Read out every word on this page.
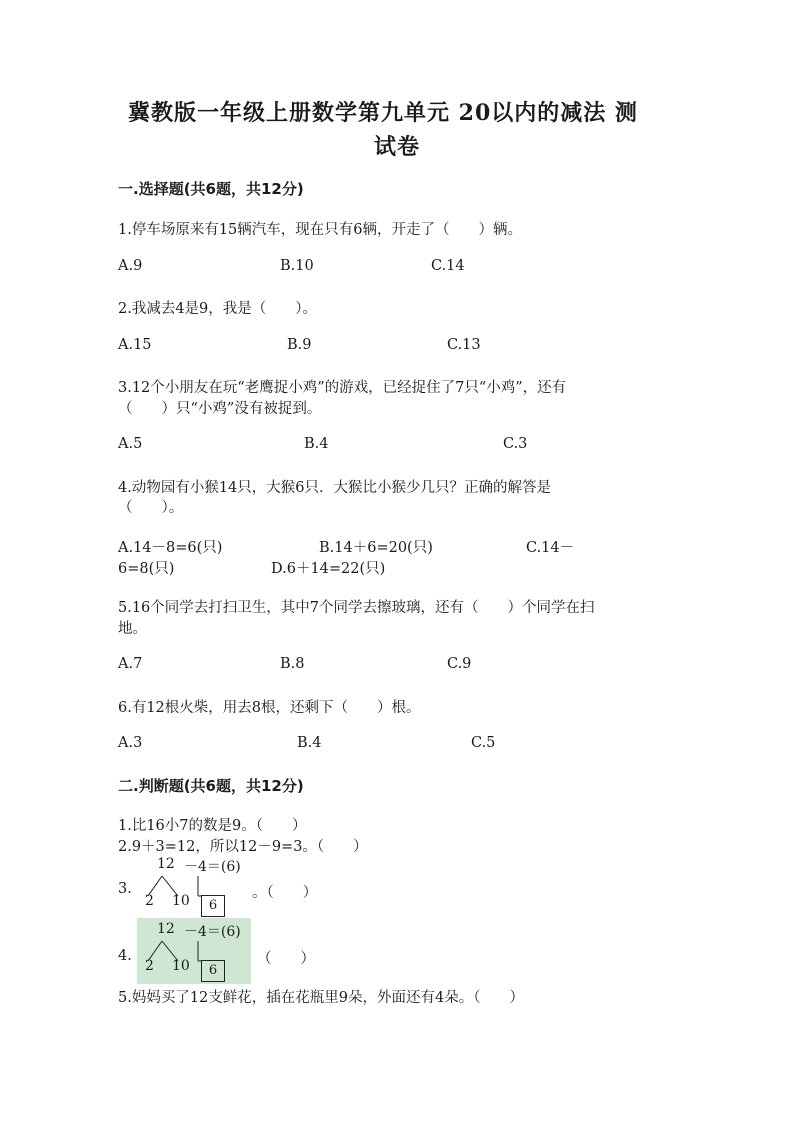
冀教版一年级上册数学第九单元 20以内的减法 测
试卷
一.选择题(共6题，共12分)
1.停车场原来有15辆汽车，现在只有6辆，开走了（　　）辆。
A.9	B.10	C.14
2.我减去4是9，我是（　　）。
A.15	B.9	C.13
3.12个小朋友在玩“老鹰捉小鸡”的游戏，已经捉住了7只“小鸡”，还有
（　　）只“小鸡”没有被捉到。
A.5	B.4	C.3
4.动物园有小猴14只，大猴6只．大猴比小猴少几只？正确的解答是
（　　）。
A.14－8=6(只)	B.14＋6=20(只)	C.14－
6=8(只)	D.6＋14=22(只)
5.16个同学去打扫卫生，其中7个同学去擦玻璃，还有（　　）个同学在扫
地。
A.7	B.8	C.9
6.有12根火柴，用去8根，还剩下（　　）根。
A.3	B.4	C.5
二.判断题(共6题，共12分)
1.比16小7的数是9。（　　）
2.9＋3=12，所以12－9=3。（　　）
3.
12 －4＝(6)
2 10	6
。（　　）
4.
12 －4＝(6)
2 10	6
（　　）
5.妈妈买了12支鲜花，插在花瓶里9朵，外面还有4朵。（　　）
